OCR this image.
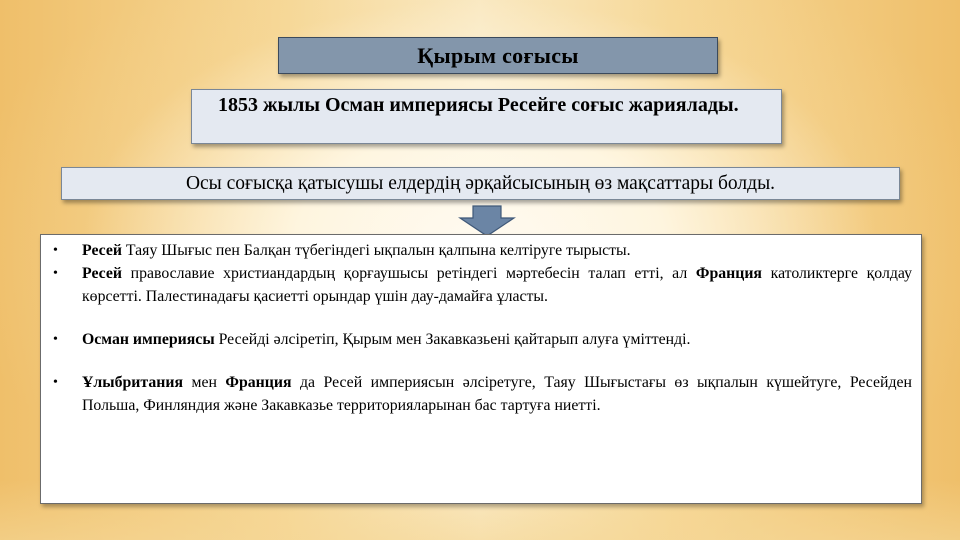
Қырым соғысы
1853 жылы Осман империясы Ресейге соғыс жариялады.
Осы соғысқа қатысушы елдердің әрқайсысының өз мақсаттары болды.
• Ресей Таяу Шығыс пен Балқан түбегіндегі ықпалын қалпына келтіруге тырысты.
• Ресей православие христиандардың қорғаушысы ретіндегі мәртебесін талап етті, ал Франция католиктерге қолдау көрсетті. Палестинадағы қасиетті орындар үшін дау-дамайға ұласты.
• Осман империясы Ресейді әлсіретіп, Қырым мен Закавказьені қайтарып алуға үміттенді.
• Ұлыбритания мен Франция да Ресей империясын әлсіретуге, Таяу Шығыстағы өз ықпалын күшейтуге, Ресейден Польша, Финляндия және Закавказье территорияларынан бас тартуға ниетті.
